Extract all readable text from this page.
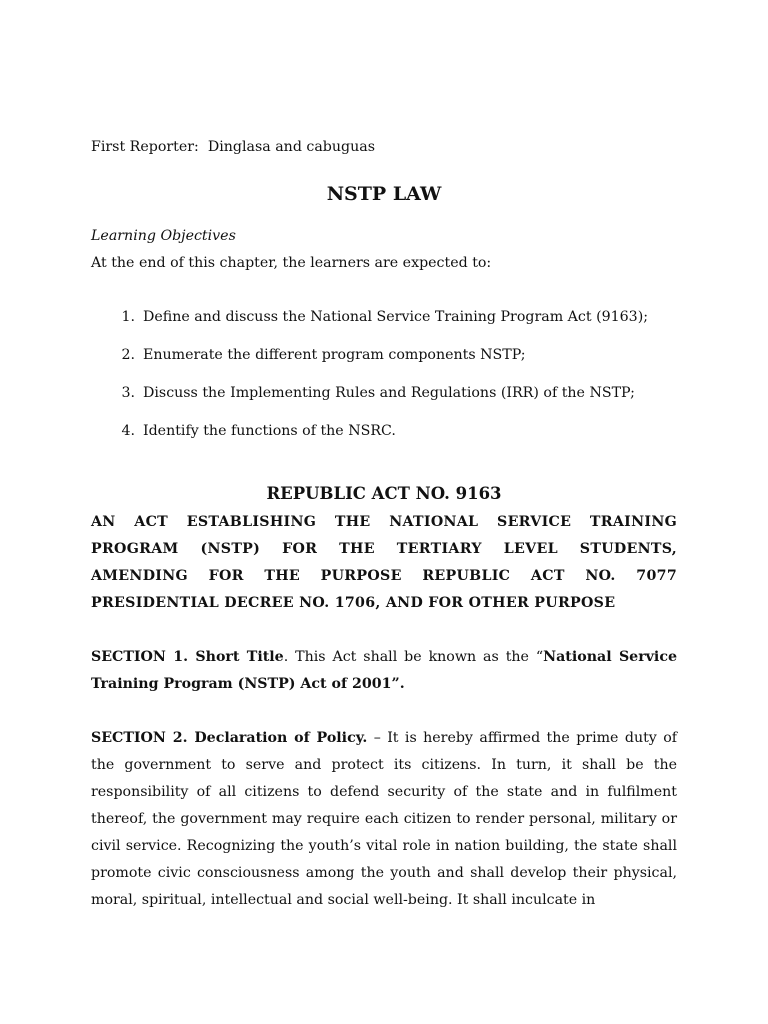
First Reporter: Dinglasa and cabuguas

NSTP LAW

Learning Objectives

At the end of this chapter, the learners are expected to:

1. Define and discuss the National Service Training Program Act (9163);
2. Enumerate the different program components NSTP;
3. Discuss the Implementing Rules and Regulations (IRR) of the NSTP;
4. Identify the functions of the NSRC.
REPUBLIC ACT NO. 9163

AN ACT ESTABLISHING THE NATIONAL SERVICE TRAINING PROGRAM (NSTP) FOR THE TERTIARY LEVEL STUDENTS, AMENDING FOR THE PURPOSE REPUBLIC ACT NO. 7077 PRESIDENTIAL DECREE NO. 1706, AND FOR OTHER PURPOSE

SECTION 1. Short Title. This Act shall be known as the “National Service Training Program (NSTP) Act of 2001”.

SECTION 2. Declaration of Policy. – It is hereby affirmed the prime duty of the government to serve and protect its citizens. In turn, it shall be the responsibility of all citizens to defend security of the state and in fulfilment thereof, the government may require each citizen to render personal, military or civil service. Recognizing the youth’s vital role in nation building, the state shall promote civic consciousness among the youth and shall develop their physical, moral, spiritual, intellectual and social well-being. It shall inculcate in
